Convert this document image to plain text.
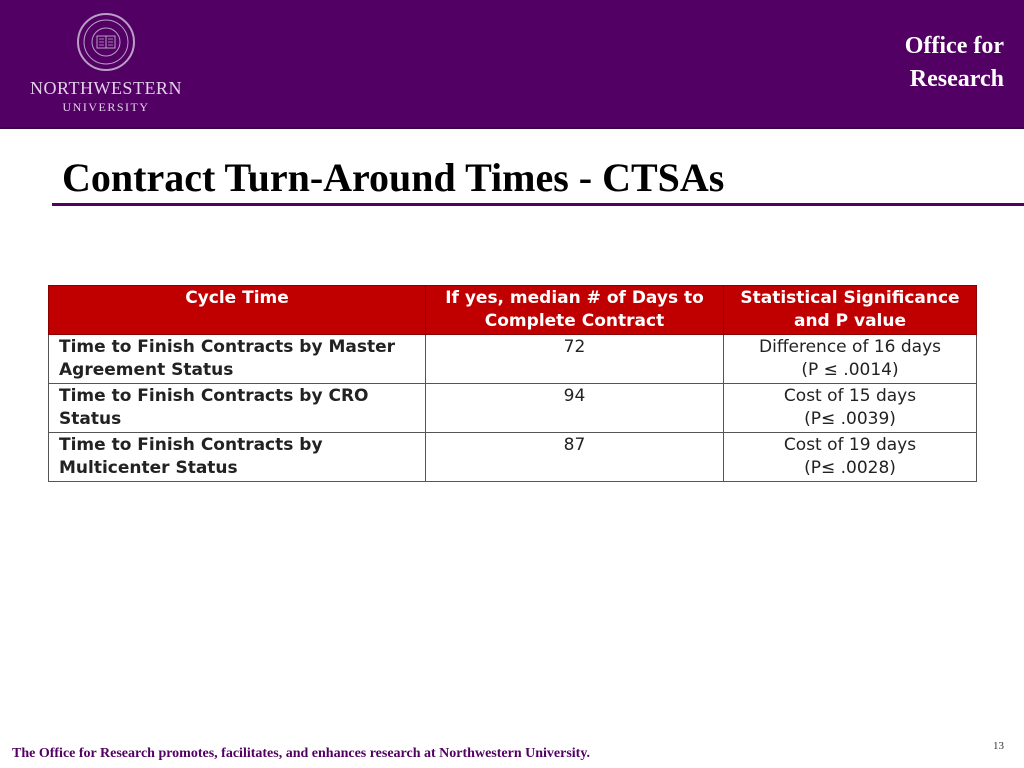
NORTHWESTERN
UNIVERSITY
Office for
Research
Contract Turn-Around Times - CTSAs
Cycle Time	If yes, median # of Days to Complete Contract	Statistical Significance and P value
Time to Finish Contracts by Master Agreement Status	72	Difference of 16 days
(P ≤ .0014)

Time to Finish Contracts by CRO Status	94	Cost of 15 days
(P≤ .0039)

Time to Finish Contracts by Multicenter Status	87	Cost of 19 days
(P≤ .0028)
The Office for Research promotes, facilitates, and enhances research at Northwestern University.	13
